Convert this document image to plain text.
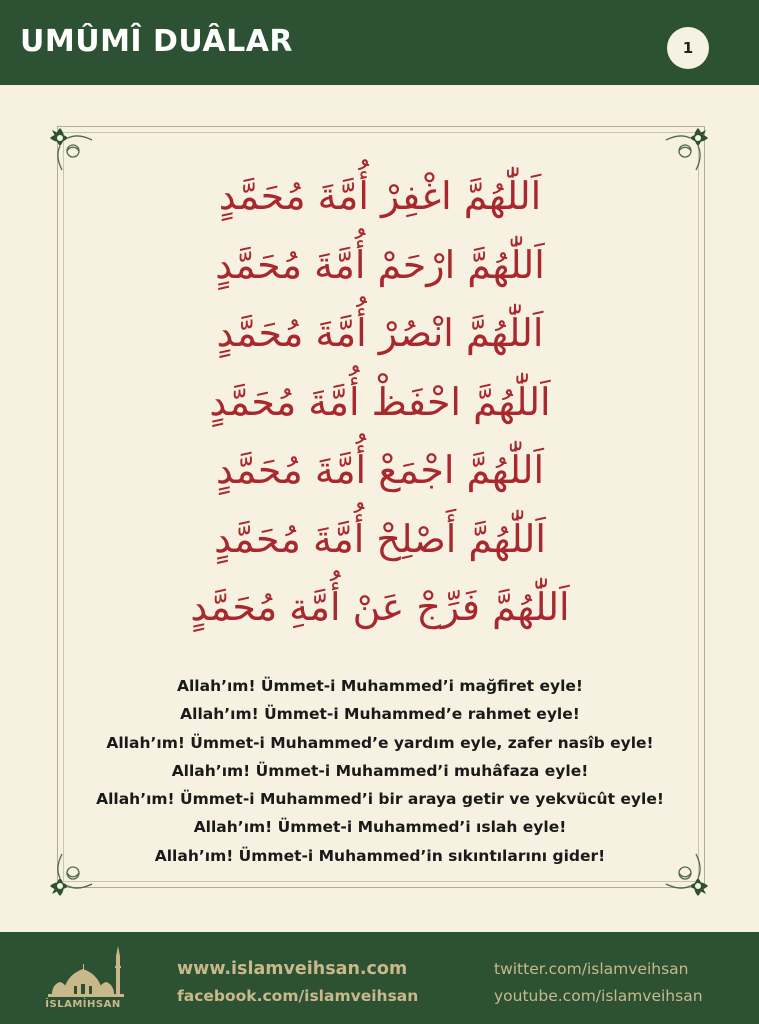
UMÛMÎ DUÂLAR	1
اَللّٰهُمَّ اغْفِرْ أُمَّةَ مُحَمَّدٍ
اَللّٰهُمَّ ارْحَمْ أُمَّةَ مُحَمَّدٍ
اَللّٰهُمَّ انْصُرْ أُمَّةَ مُحَمَّدٍ
اَللّٰهُمَّ احْفَظْ أُمَّةَ مُحَمَّدٍ
اَللّٰهُمَّ اجْمَعْ أُمَّةَ مُحَمَّدٍ
اَللّٰهُمَّ أَصْلِحْ أُمَّةَ مُحَمَّدٍ
اَللّٰهُمَّ فَرِّجْ عَنْ أُمَّةِ مُحَمَّدٍ
Allah’ım! Ümmet-i Muhammed’i mağfiret eyle!
Allah’ım! Ümmet-i Muhammed’e rahmet eyle!
Allah’ım! Ümmet-i Muhammed’e yardım eyle, zafer nasîb eyle!
Allah’ım! Ümmet-i Muhammed’i muhâfaza eyle!
Allah’ım! Ümmet-i Muhammed’i bir araya getir ve yekvücût eyle!
Allah’ım! Ümmet-i Muhammed’i ıslah eyle!
Allah’ım! Ümmet-i Muhammed’in sıkıntılarını gider!
İSLAMİHSAN
www.islamveihsan.com
facebook.com/islamveihsan
twitter.com/islamveihsan
youtube.com/islamveihsan
